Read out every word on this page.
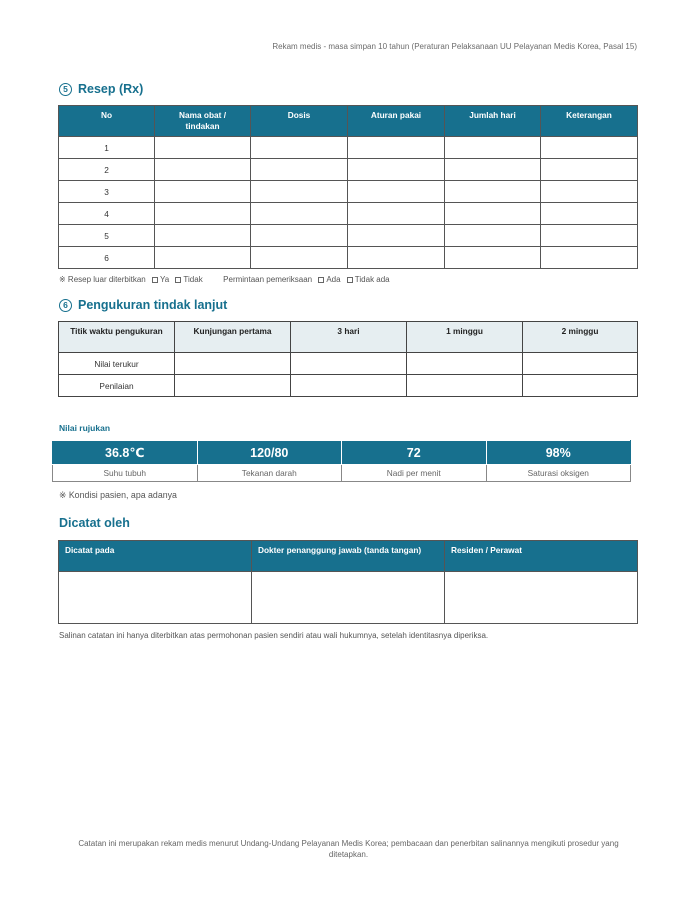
Rekam medis - masa simpan 10 tahun (Peraturan Pelaksanaan UU Pelayanan Medis Korea, Pasal 15)
5 Resep (Rx)
No	Nama obat / tindakan	Dosis	Aturan pakai	Jumlah hari	Keterangan
1					
2					
3					
4					
5					
6					
※ Resep luar diterbitkan Ya Tidak	Permintaan pemeriksaan Ada Tidak ada
6 Pengukuran tindak lanjut
Titik waktu pengukuran	Kunjungan pertama	3 hari	1 minggu	2 minggu
Nilai terukur				
Penilaian				
Nilai rujukan
36.8℃	120/80	72	98%
Suhu tubuh	Tekanan darah	Nadi per menit	Saturasi oksigen
※ Kondisi pasien, apa adanya
Dicatat oleh
Dicatat pada	Dokter penanggung jawab (tanda tangan)	Residen / Perawat

Salinan catatan ini hanya diterbitkan atas permohonan pasien sendiri atau wali hukumnya, setelah identitasnya diperiksa.
Catatan ini merupakan rekam medis menurut Undang-Undang Pelayanan Medis Korea; pembacaan dan penerbitan salinannya mengikuti prosedur yang ditetapkan.
